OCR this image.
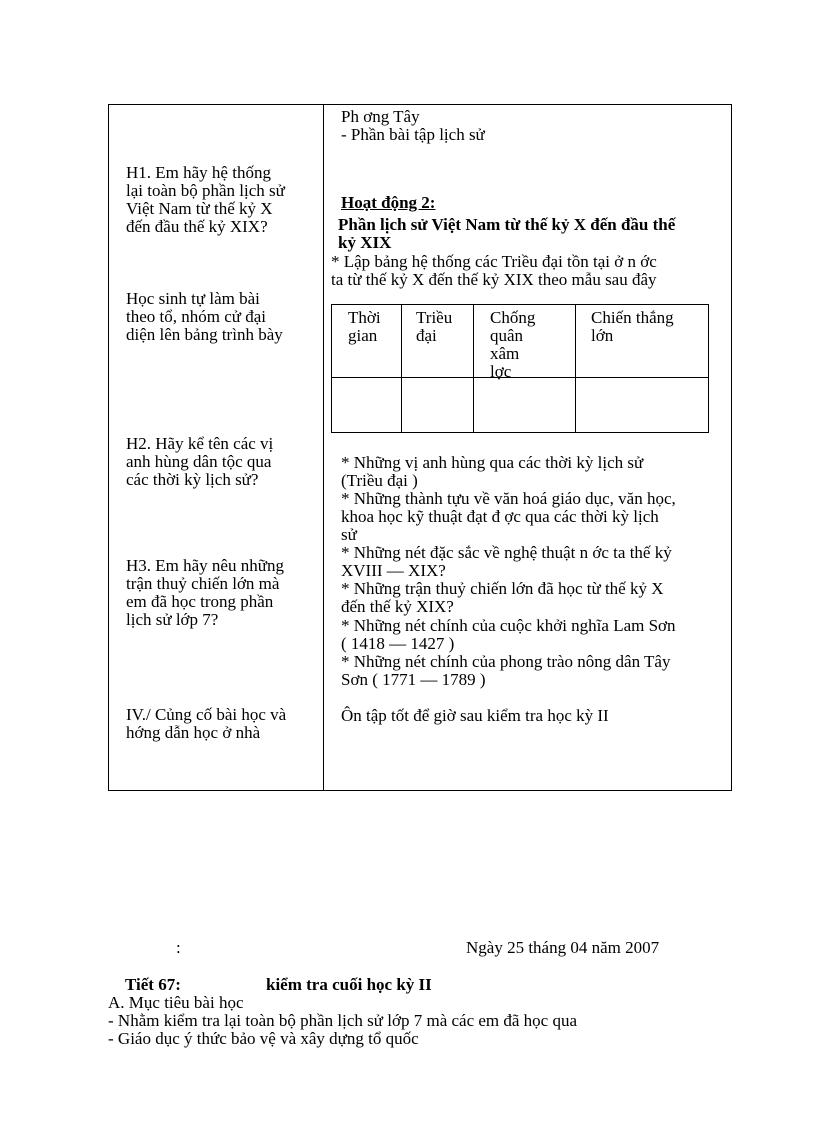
H1. Em hãy hệ thống
lại toàn bộ phần lịch sử
Việt Nam từ thế kỷ X
đến đầu thế kỷ XIX?
Học sinh tự làm bài
theo tổ, nhóm cử đại
diện lên bảng trình bày
H2. Hãy kể tên các vị
anh hùng dân tộc qua
các thời kỳ lịch sử?
H3. Em hãy nêu những
trận thuỷ chiến lớn mà
em đã học trong phần
lịch sử lớp 7?
IV./ Củng cố bài học và
hớng dẫn học ở nhà
Ph ơng Tây
- Phần bài tập lịch sử
Hoạt động 2:
Phần lịch sử Việt Nam từ thế kỷ X đến đầu thế
kỷ XIX
* Lập bảng hệ thống các Triều đại tồn tại ở n ớc
ta từ thế kỷ X đến thế kỷ XIX theo mẫu sau đây
Thời
gian
Triều
đại
Chống
quân
xâm
lợc
Chiến thắng
lớn
* Những vị anh hùng qua các thời kỳ lịch sử
(Triều đại )
* Những thành tựu về văn hoá giáo dục, văn học,
khoa học kỹ thuật đạt đ ợc qua các thời kỳ lịch
sử
* Những nét đặc sắc về nghệ thuật n ớc ta thế kỷ
XVIII — XIX?
* Những trận thuỷ chiến lớn đã học từ thế kỷ X
đến thế kỷ XIX?
* Những nét chính của cuộc khởi nghĩa Lam Sơn
( 1418 — 1427 )
* Những nét chính của phong trào nông dân Tây
Sơn ( 1771 — 1789 )
Ôn tập tốt để giờ sau kiểm tra học kỳ II
:	Ngày 25 tháng 04 năm 2007
Tiết 67:	kiểm tra cuối học kỳ II
A. Mục tiêu bài học
- Nhằm kiểm tra lại toàn bộ phần lịch sử lớp 7 mà các em đã học qua
- Giáo dục ý thức bảo vệ và xây dựng tổ quốc
